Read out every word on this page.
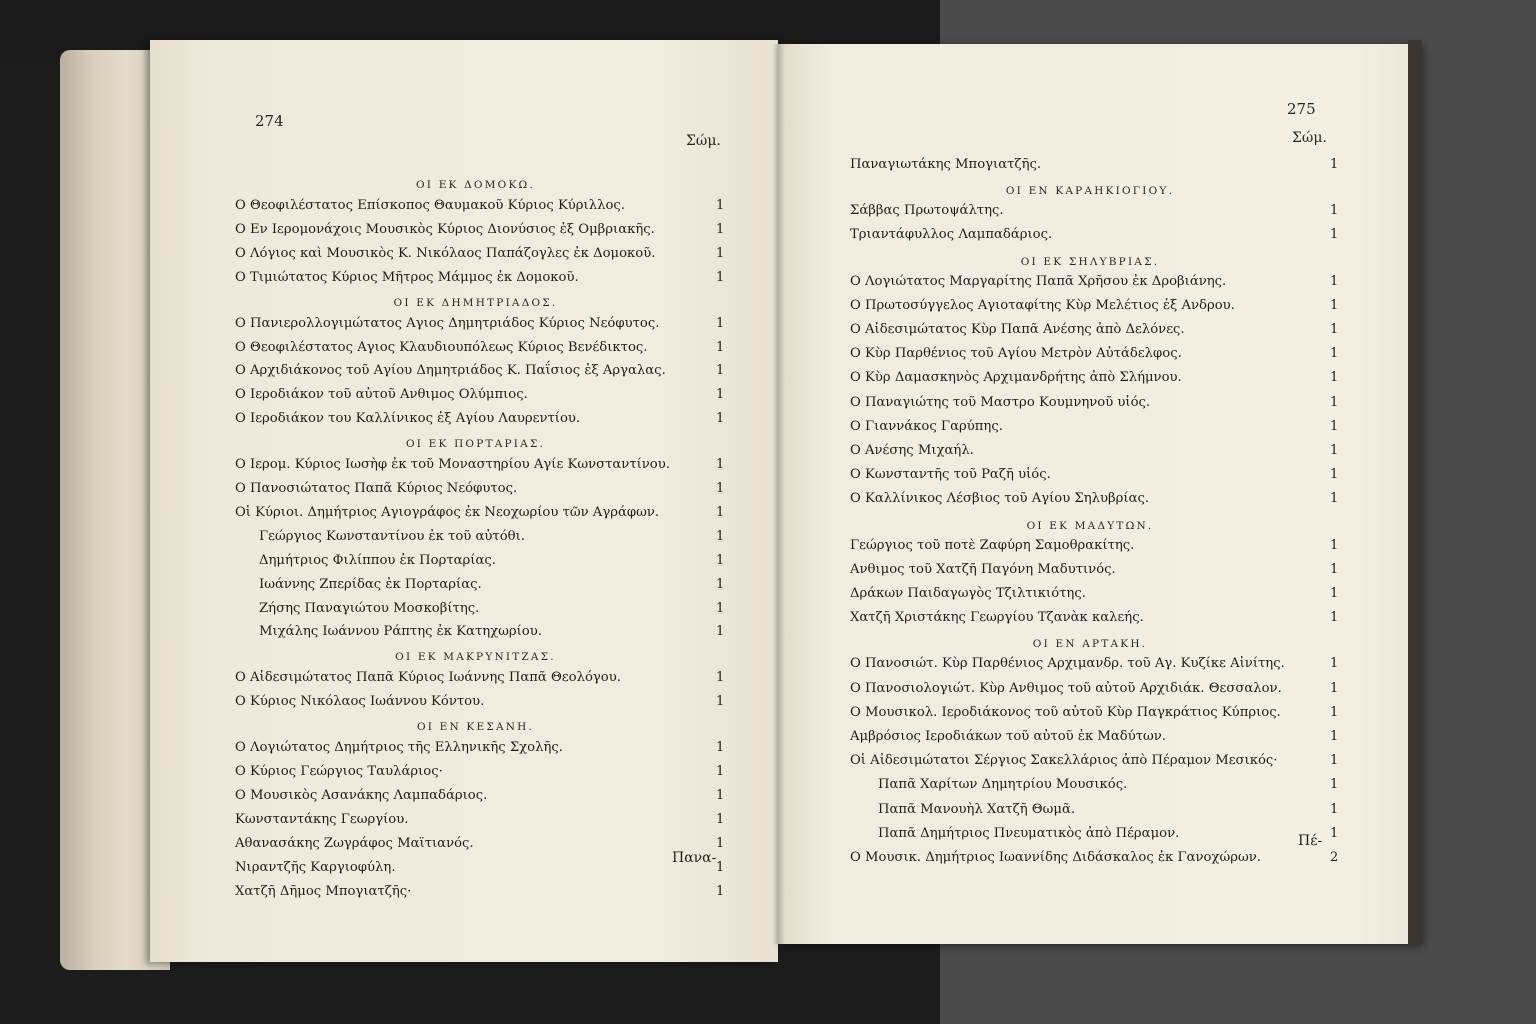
274
Σώμ.
275
Σώμ.
ΟΙ ΕΚ ΔΟΜΟΚΩ.
Ο Θεοφιλέστατος Επίσκοπος Θαυμακοῦ Κύριος Κύριλλος.	1
Ο Εν Ιερομονάχοις Μουσικὸς Κύριος Διονύσιος ἐξ Ομβριακῆς.	1
Ο Λόγιος καὶ Μουσικὸς Κ. Νικόλαος Παπάζογλες ἐκ Δομοκοῦ.	1
Ο Τιμιώτατος Κύριος Μῆτρος Μάμμος ἐκ Δομοκοῦ.	1
ΟΙ ΕΚ ΔΗΜΗΤΡΙΑΔΟΣ.
Ο Πανιερολλογιμώτατος Αγιος Δημητριάδος Κύριος Νεόφυτος.	1
Ο Θεοφιλέστατος Αγιος Κλαυδιουπόλεως Κύριος Βενέδικτος.	1
Ο Αρχιδιάκονος τοῦ Αγίου Δημητριάδος Κ. Παΐσιος ἐξ Αργαλας.	1
Ο Ιεροδιάκον τοῦ αὐτοῦ Ανθιμος Ολύμπιος.	1
Ο Ιεροδιάκον του Καλλίνικος ἐξ Αγίου Λαυρεντίου.	1
ΟΙ ΕΚ ΠΟΡΤΑΡΙΑΣ.
Ο Ιερομ. Κύριος Ιωσὴφ ἐκ τοῦ Μοναστηρίου Αγίε Κωνσταντίνου.	1
Ο Πανοσιώτατος Παπᾶ Κύριος Νεόφυτος.	1
Οἱ Κύριοι. Δημήτριος Αγιογράφος ἐκ Νεοχωρίου τῶν Αγράφων.	1
Γεώργιος Κωνσταντίνου ἐκ τοῦ αὐτόθι.	1
Δημήτριος Φιλίππου ἐκ Πορταρίας.	1
Ιωάννης Ζπερίδας ἐκ Πορταρίας.	1
Ζήσης Παναγιώτου Μοσκοβίτης.	1
Μιχάλης Ιωάννου Ράπτης ἐκ Κατηχωρίου.	1
ΟΙ ΕΚ ΜΑΚΡΥΝΙΤΖΑΣ.
Ο Αἰδεσιμώτατος Παπᾶ Κύριος Ιωάννης Παπᾶ Θεολόγου.	1
Ο Κύριος Νικόλαος Ιωάννου Κόντου.	1
ΟΙ ΕΝ ΚΕΣΑΝΗ.
Ο Λογιώτατος Δημήτριος τῆς Ελληνικῆς Σχολῆς.	1
Ο Κύριος Γεώργιος Ταυλάριος·	1
Ο Μουσικὸς Ασανάκης Λαμπαδάριος.	1
Κωνσταντάκης Γεωργίου.	1
Αθανασάκης Ζωγράφος Μαϊτιανός.	1
Νιραντζῆς Καργιοφύλη.	1
Χατζῆ Δῆμος Μπογιατζῆς·	1
Παναγιωτάκης Μπογιατζῆς.	1
ΟΙ ΕΝ ΚΑΡΑΗΚΙΟΓΙΟΥ.
Σάββας Πρωτοψάλτης.	1
Τριαντάφυλλος Λαμπαδάριος.	1
ΟΙ ΕΚ ΣΗΛΥΒΡΙΑΣ.
Ο Λογιώτατος Μαργαρίτης Παπᾶ Χρῆσου ἐκ Δροβιάνης.	1
Ο Πρωτοσύγγελος Αγιοταφίτης Κὺρ Μελέτιος ἐξ Ανδρου.	1
Ο Αἰδεσιμώτατος Κὺρ Παπᾶ Ανέσης ἀπὸ Δελόνες.	1
Ο Κὺρ Παρθένιος τοῦ Αγίου Μετρὸν Αὐτάδελφος.	1
Ο Κὺρ Δαμασκηνὸς Αρχιμανδρήτης ἀπὸ Σλήμνου.	1
Ο Παναγιώτης τοῦ Μαστρο Κουμνηνοῦ υἱός.	1
Ο Γιαννάκος Γαρύπης.	1
Ο Ανέσης Μιχαήλ.	1
Ο Κωνσταντῆς τοῦ Ραζῆ υἱός.	1
Ο Καλλίνικος Λέσβιος τοῦ Αγίου Σηλυβρίας.	1
ΟΙ ΕΚ ΜΑΔΥΤΩΝ.
Γεώργιος τοῦ ποτὲ Ζαφύρη Σαμοθρακίτης.	1
Ανθιμος τοῦ Χατζῆ Παγόνη Μαδυτινός.	1
Δράκων Παιδαγωγὸς Τζιλτικιότης.	1
Χατζῆ Χριστάκης Γεωργίου Τζανὰκ καλεής.	1
ΟΙ ΕΝ ΑΡΤΑΚΗ.
Ο Πανοσιώτ. Κὺρ Παρθένιος Αρχιμανδρ. τοῦ Αγ. Κυζίκε Αἰνίτης.	1
Ο Πανοσιολογιώτ. Κὺρ Ανθιμος τοῦ αὐτοῦ Αρχιδιάκ. Θεσσαλον.	1
Ο Μουσικολ. Ιεροδιάκονος τοῦ αὐτοῦ Κὺρ Παγκράτιος Κύπριος.	1
Αμβρόσιος Ιεροδιάκων τοῦ αὐτοῦ ἐκ Μαδύτων.	1
Οἱ Αἰδεσιμώτατοι Σέργιος Σακελλάριος ἀπὸ Πέραμον Μεσικός·	1
Παπᾶ Χαρίτων Δημητρίου Μουσικός.	1
Παπᾶ Μανουὴλ Χατζῆ Θωμᾶ.	1
Παπᾶ Δημήτριος Πνευματικὸς ἀπὸ Πέραμον.	1
Ο Μουσικ. Δημήτριος Ιωαννίδης Διδάσκαλος ἐκ Γανοχώρων.	2
Πανα-
Πέ-
